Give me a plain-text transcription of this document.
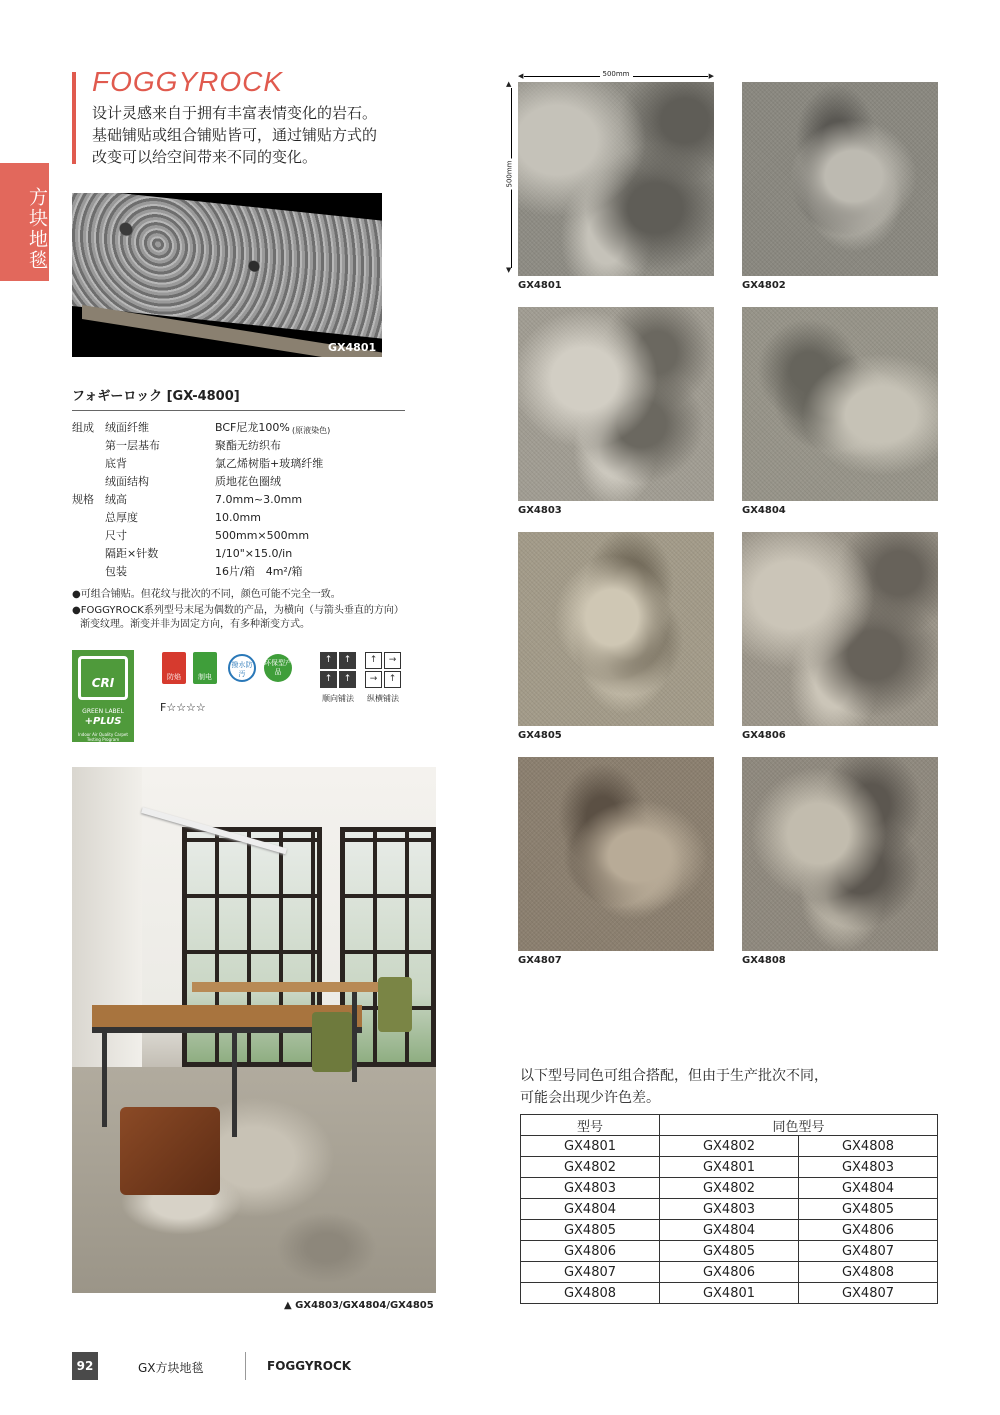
方块地毯
FOGGYROCK
设计灵感来自于拥有丰富表情变化的岩石。
基础铺贴或组合铺贴皆可，通过铺贴方式的
改变可以给空间带来不同的变化。
GX4801
フォギーロック [GX-4800]
组成 绒面纤维	BCF尼龙100% (原液染色)
第一层基布	聚酯无纺织布
底背	氯乙烯树脂+玻璃纤维
绒面结构	质地花色圈绒
规格 绒高	7.0mm~3.0mm
总厚度	10.0mm
尺寸	500mm×500mm
隔距×针数	1/10"×15.0/in
包装	16片/箱　4m²/箱
●可组合铺贴。但花纹与批次的不同，颜色可能不完全一致。
●FOGGYROCK系列型号末尾为偶数的产品，为横向（与箭头垂直的方向）
渐变纹理。渐变并非为固定方向，有多种渐变方式。
CRI
GREEN LABEL
+PLUS
Indoor Air Quality Carpet Testing Program
防焰	制电
撥水防汚
环保型产品
F☆☆☆☆
↑	↑
↑	↑
↑	→
→	↑
顺向铺法 纵横铺法
▲ GX4803/GX4804/GX4805
◀	▶
500mm
▲
▼
500mm
GX4801	GX4802
GX4803	GX4804
GX4805	GX4806
GX4807	GX4808
以下型号同色可组合搭配，但由于生产批次不同，
可能会出现少许色差。
型号	同色型号	
GX4801	GX4802	GX4808
GX4802	GX4801	GX4803
GX4803	GX4802	GX4804
GX4804	GX4803	GX4805
GX4805	GX4804	GX4806
GX4806	GX4805	GX4807
GX4807	GX4806	GX4808
GX4808	GX4801	GX4807
92	GX方块地毯	FOGGYROCK
